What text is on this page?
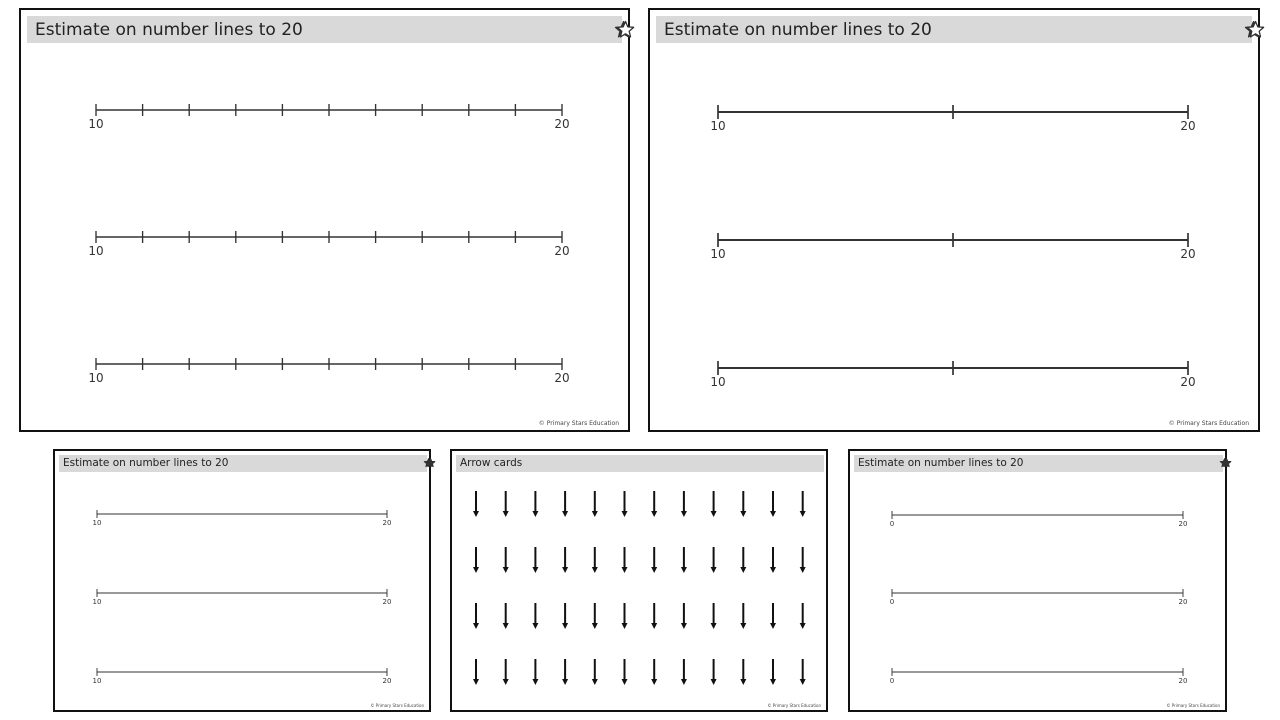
Estimate on number lines to 20
10	20
10	20
10	20
© Primary Stars Education
Estimate on number lines to 20
10	20
10	20
10	20
© Primary Stars Education
Estimate on number lines to 20
10	20
10	20
10	20
© Primary Stars Education
Arrow cards
© Primary Stars Education
Estimate on number lines to 20
0	20
0	20
0	20
© Primary Stars Education
